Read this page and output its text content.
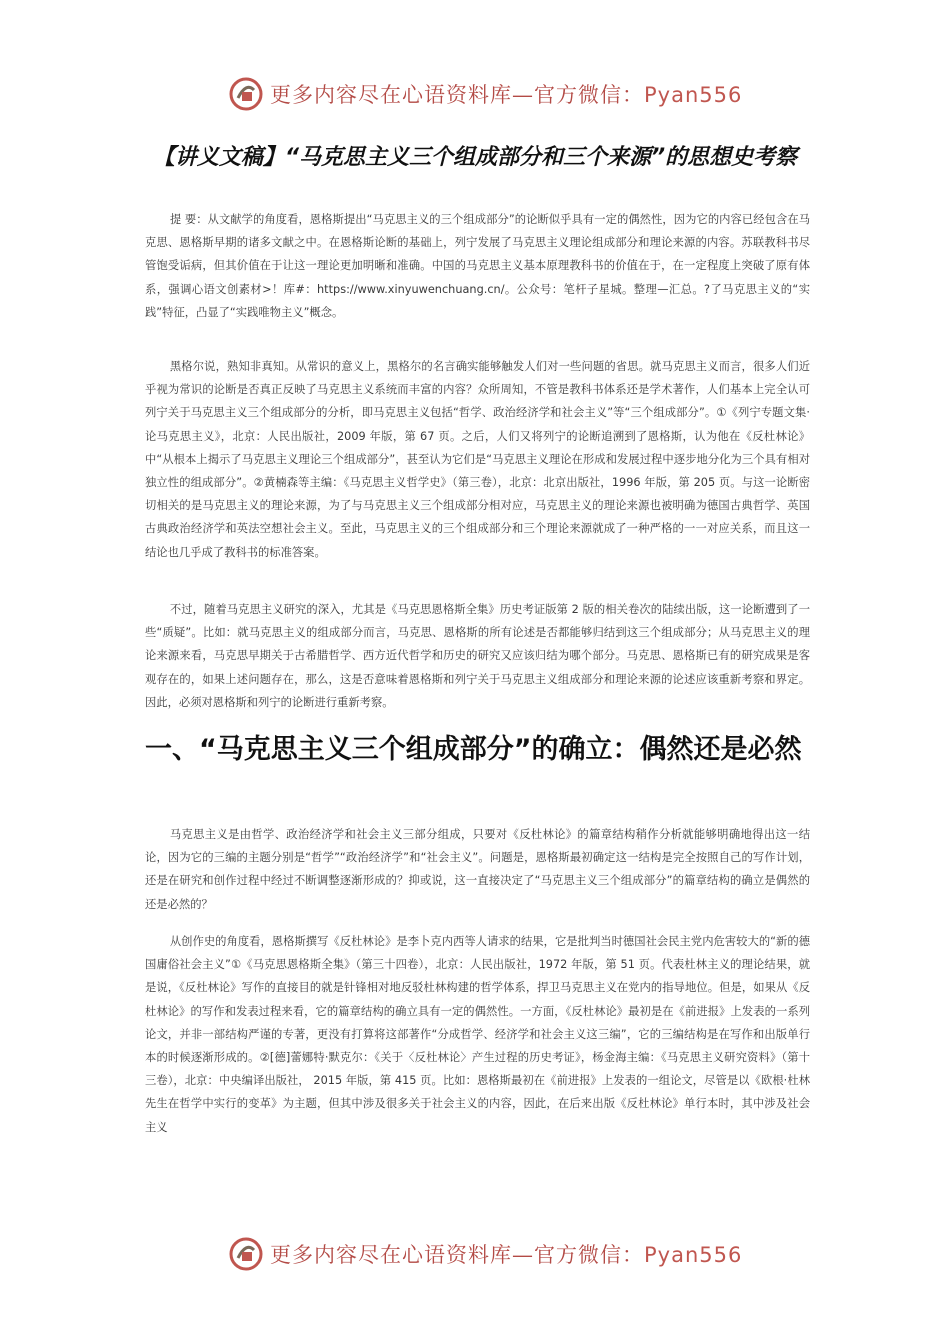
更多内容尽在心语资料库—官方微信：Pyan556
【讲义文稿】“马克思主义三个组成部分和三个来源”的思想史考察

提 要：从文献学的角度看，恩格斯提出“马克思主义的三个组成部分”的论断似乎具有一定的偶然性，因为它的内容已经包含在马克思、恩格斯早期的诸多文献之中。在恩格斯论断的基础上，列宁发展了马克思主义理论组成部分和理论来源的内容。苏联教科书尽管饱受诟病，但其价值在于让这一理论更加明晰和准确。中国的马克思主义基本原理教科书的价值在于，在一定程度上突破了原有体系，强调心语文创素材>！库#：https://www.xinyuwenchuang.cn/。公众号：笔杆子星城。整理—汇总。?了马克思主义的“实践”特征，凸显了“实践唯物主义”概念。

黑格尔说，熟知非真知。从常识的意义上，黑格尔的名言确实能够触发人们对一些问题的省思。就马克思主义而言，很多人们近乎视为常识的论断是否真正反映了马克思主义系统而丰富的内容？众所周知，不管是教科书体系还是学术著作，人们基本上完全认可列宁关于马克思主义三个组成部分的分析，即马克思主义包括“哲学、政治经济学和社会主义”等“三个组成部分”。①《列宁专题文集·论马克思主义》，北京：人民出版社，2009 年版，第 67 页。之后，人们又将列宁的论断追溯到了恩格斯，认为他在《反杜林论》中“从根本上揭示了马克思主义理论三个组成部分”，甚至认为它们是“马克思主义理论在形成和发展过程中逐步地分化为三个具有相对独立性的组成部分”。②黄楠森等主编：《马克思主义哲学史》（第三卷），北京：北京出版社，1996 年版，第 205 页。与这一论断密切相关的是马克思主义的理论来源，为了与马克思主义三个组成部分相对应，马克思主义的理论来源也被明确为德国古典哲学、英国古典政治经济学和英法空想社会主义。至此，马克思主义的三个组成部分和三个理论来源就成了一种严格的一一对应关系，而且这一结论也几乎成了教科书的标准答案。

不过，随着马克思主义研究的深入，尤其是《马克思恩格斯全集》历史考证版第 2 版的相关卷次的陆续出版，这一论断遭到了一些“质疑”。比如：就马克思主义的组成部分而言，马克思、恩格斯的所有论述是否都能够归结到这三个组成部分；从马克思主义的理论来源来看，马克思早期关于古希腊哲学、西方近代哲学和历史的研究又应该归结为哪个部分。马克思、恩格斯已有的研究成果是客观存在的，如果上述问题存在，那么，这是否意味着恩格斯和列宁关于马克思主义组成部分和理论来源的论述应该重新考察和界定。因此，必须对恩格斯和列宁的论断进行重新考察。

一、“马克思主义三个组成部分”的确立：偶然还是必然

马克思主义是由哲学、政治经济学和社会主义三部分组成，只要对《反杜林论》的篇章结构稍作分析就能够明确地得出这一结论，因为它的三编的主题分别是“哲学”“政治经济学”和“社会主义”。问题是，恩格斯最初确定这一结构是完全按照自己的写作计划，还是在研究和创作过程中经过不断调整逐渐形成的？抑或说，这一直接决定了“马克思主义三个组成部分”的篇章结构的确立是偶然的还是必然的？

从创作史的角度看，恩格斯撰写《反杜林论》是李卜克内西等人请求的结果，它是批判当时德国社会民主党内危害较大的“新的德国庸俗社会主义”①《马克思恩格斯全集》（第三十四卷），北京：人民出版社，1972 年版，第 51 页。代表杜林主义的理论结果，就是说，《反杜林论》写作的直接目的就是针锋相对地反驳杜林构建的哲学体系，捍卫马克思主义在党内的指导地位。但是，如果从《反杜林论》的写作和发表过程来看，它的篇章结构的确立具有一定的偶然性。一方面，《反杜林论》最初是在《前进报》上发表的一系列论文，并非一部结构严谨的专著，更没有打算将这部著作“分成哲学、经济学和社会主义这三编”，它的三编结构是在写作和出版单行本的时候逐渐形成的。②[德]蕾娜特·默克尔：《关于〈反杜林论〉产生过程的历史考证》，杨金海主编：《马克思主义研究资料》（第十三卷），北京：中央编译出版社， 2015 年版，第 415 页。比如：恩格斯最初在《前进报》上发表的一组论文，尽管是以《欧根·杜林先生在哲学中实行的变革》为主题，但其中涉及很多关于社会主义的内容，因此，在后来出版《反杜林论》单行本时，其中涉及社会主义

更多内容尽在心语资料库—官方微信：Pyan556
